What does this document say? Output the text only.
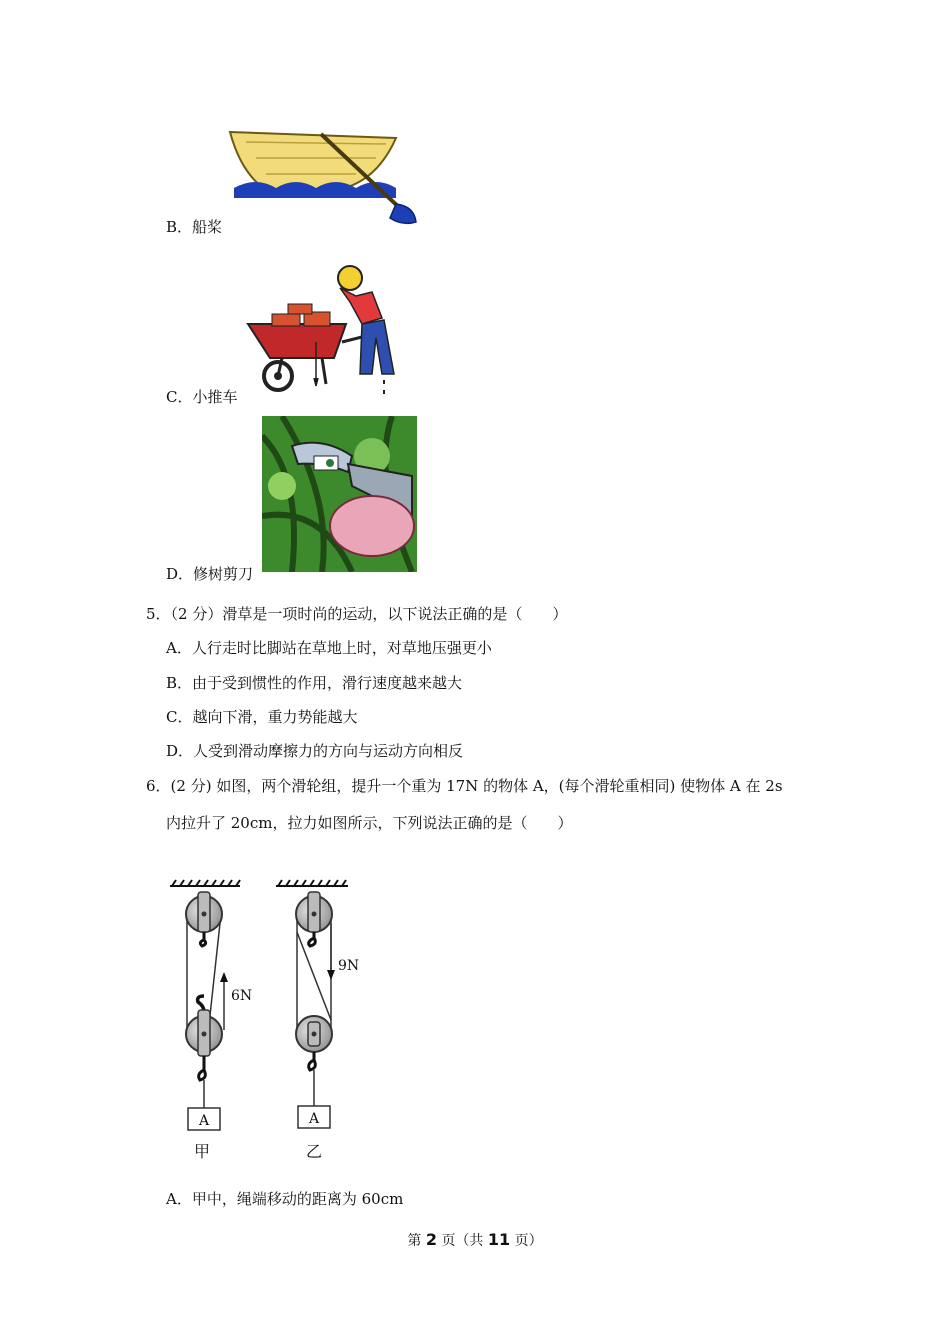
B．船桨
C．小推车
D．修树剪刀
5．（2 分）滑草是一项时尚的运动，以下说法正确的是（　　）
A．人行走时比脚站在草地上时，对草地压强更小
B．由于受到惯性的作用，滑行速度越来越大
C．越向下滑，重力势能越大
D．人受到滑动摩擦力的方向与运动方向相反
6．(2 分) 如图，两个滑轮组，提升一个重为 17N 的物体 A，(每个滑轮重相同) 使物体 A 在 2s
内拉升了 20cm，拉力如图所示，下列说法正确的是（　　）
6N
9N
A	A
甲	乙
A．甲中，绳端移动的距离为 60cm
第 2 页（共 11 页）
